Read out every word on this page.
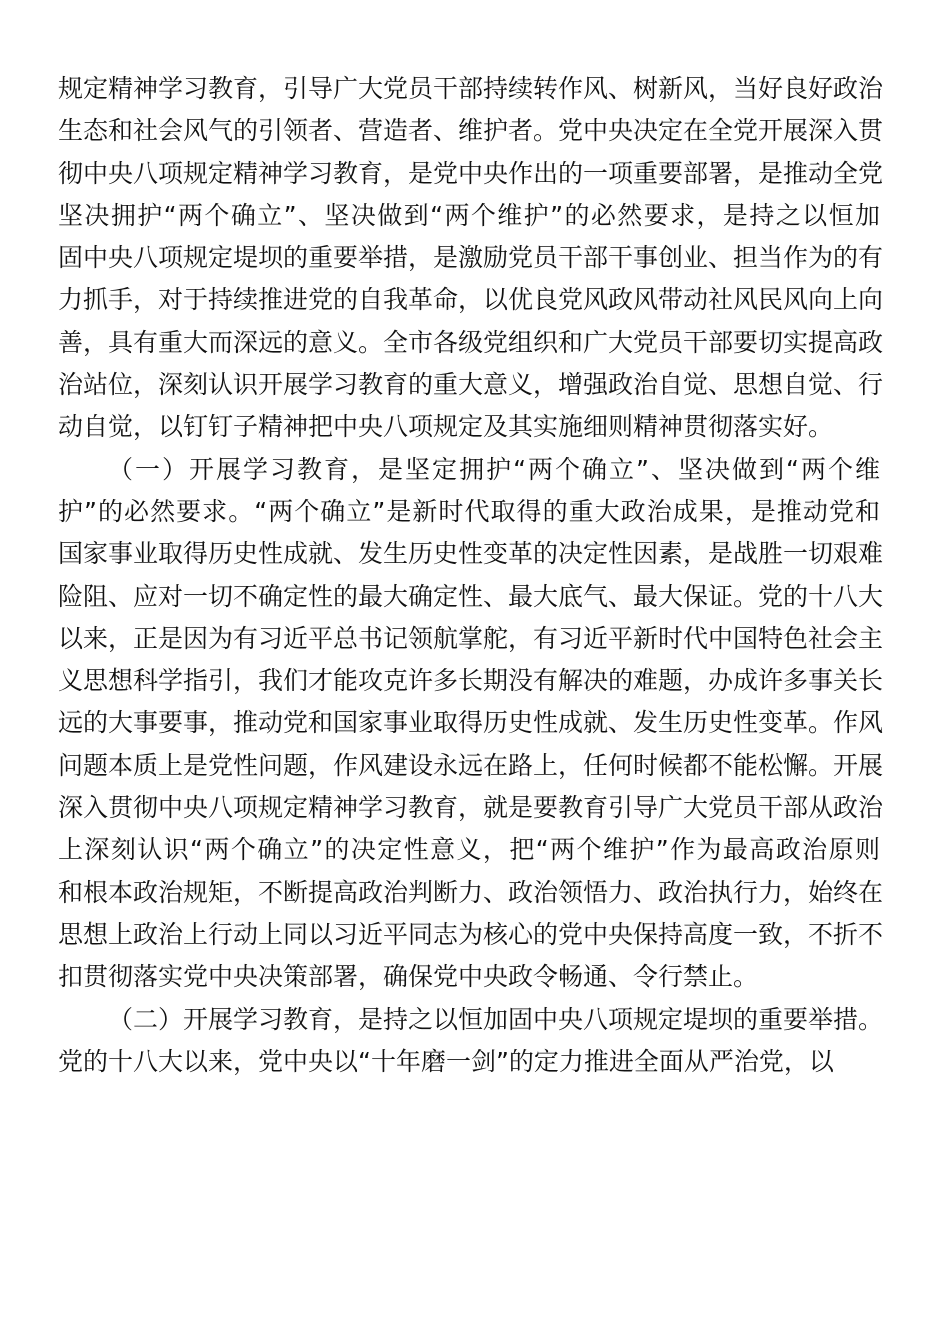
规定精神学习教育，引导广大党员干部持续转作风、树新风，当好良好政治
生态和社会风气的引领者、营造者、维护者。党中央决定在全党开展深入贯
彻中央八项规定精神学习教育，是党中央作出的一项重要部署，是推动全党
坚决拥护“两个确立”、坚决做到“两个维护”的必然要求，是持之以恒加
固中央八项规定堤坝的重要举措，是激励党员干部干事创业、担当作为的有
力抓手，对于持续推进党的自我革命，以优良党风政风带动社风民风向上向
善，具有重大而深远的意义。全市各级党组织和广大党员干部要切实提高政
治站位，深刻认识开展学习教育的重大意义，增强政治自觉、思想自觉、行
动自觉，以钉钉子精神把中央八项规定及其实施细则精神贯彻落实好。
（一）开展学习教育，是坚定拥护“两个确立”、坚决做到“两个维
护”的必然要求。“两个确立”是新时代取得的重大政治成果，是推动党和
国家事业取得历史性成就、发生历史性变革的决定性因素，是战胜一切艰难
险阻、应对一切不确定性的最大确定性、最大底气、最大保证。党的十八大
以来，正是因为有习近平总书记领航掌舵，有习近平新时代中国特色社会主
义思想科学指引，我们才能攻克许多长期没有解决的难题，办成许多事关长
远的大事要事，推动党和国家事业取得历史性成就、发生历史性变革。作风
问题本质上是党性问题，作风建设永远在路上，任何时候都不能松懈。开展
深入贯彻中央八项规定精神学习教育，就是要教育引导广大党员干部从政治
上深刻认识“两个确立”的决定性意义，把“两个维护”作为最高政治原则
和根本政治规矩，不断提高政治判断力、政治领悟力、政治执行力，始终在
思想上政治上行动上同以习近平同志为核心的党中央保持高度一致，不折不
扣贯彻落实党中央决策部署，确保党中央政令畅通、令行禁止。
（二）开展学习教育，是持之以恒加固中央八项规定堤坝的重要举措。
党的十八大以来，党中央以“十年磨一剑”的定力推进全面从严治党，以
